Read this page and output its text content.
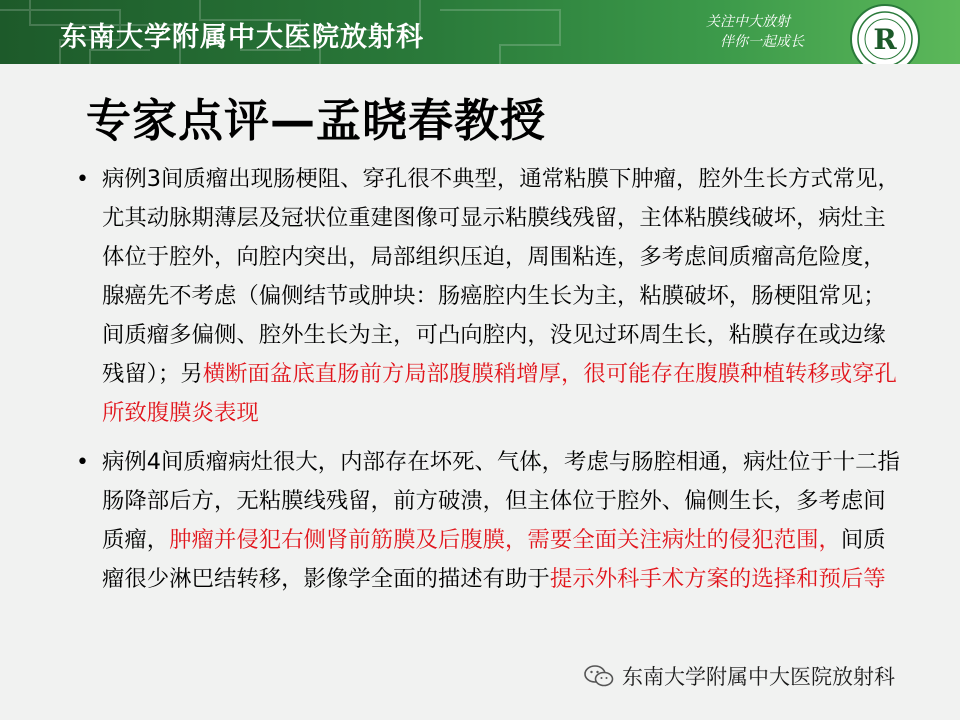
东南大学附属中大医院放射科	关注中大放射
伴你一起成长 R
专家点评—孟晓春教授
• 病例3间质瘤出现肠梗阻、穿孔很不典型，通常粘膜下肿瘤，腔外生长方式常见，尤其动脉期薄层及冠状位重建图像可显示粘膜线残留，主体粘膜线破坏，病灶主体位于腔外，向腔内突出，局部组织压迫，周围粘连，多考虑间质瘤高危险度，腺癌先不考虑（偏侧结节或肿块：肠癌腔内生长为主，粘膜破坏，肠梗阻常见；间质瘤多偏侧、腔外生长为主，可凸向腔内，没见过环周生长，粘膜存在或边缘残留）；另横断面盆底直肠前方局部腹膜稍增厚，很可能存在腹膜种植转移或穿孔所致腹膜炎表现
• 病例4间质瘤病灶很大，内部存在坏死、气体，考虑与肠腔相通，病灶位于十二指肠降部后方，无粘膜线残留，前方破溃，但主体位于腔外、偏侧生长，多考虑间质瘤，肿瘤并侵犯右侧肾前筋膜及后腹膜，需要全面关注病灶的侵犯范围，间质瘤很少淋巴结转移，影像学全面的描述有助于提示外科手术方案的选择和预后等
东南大学附属中大医院放射科
